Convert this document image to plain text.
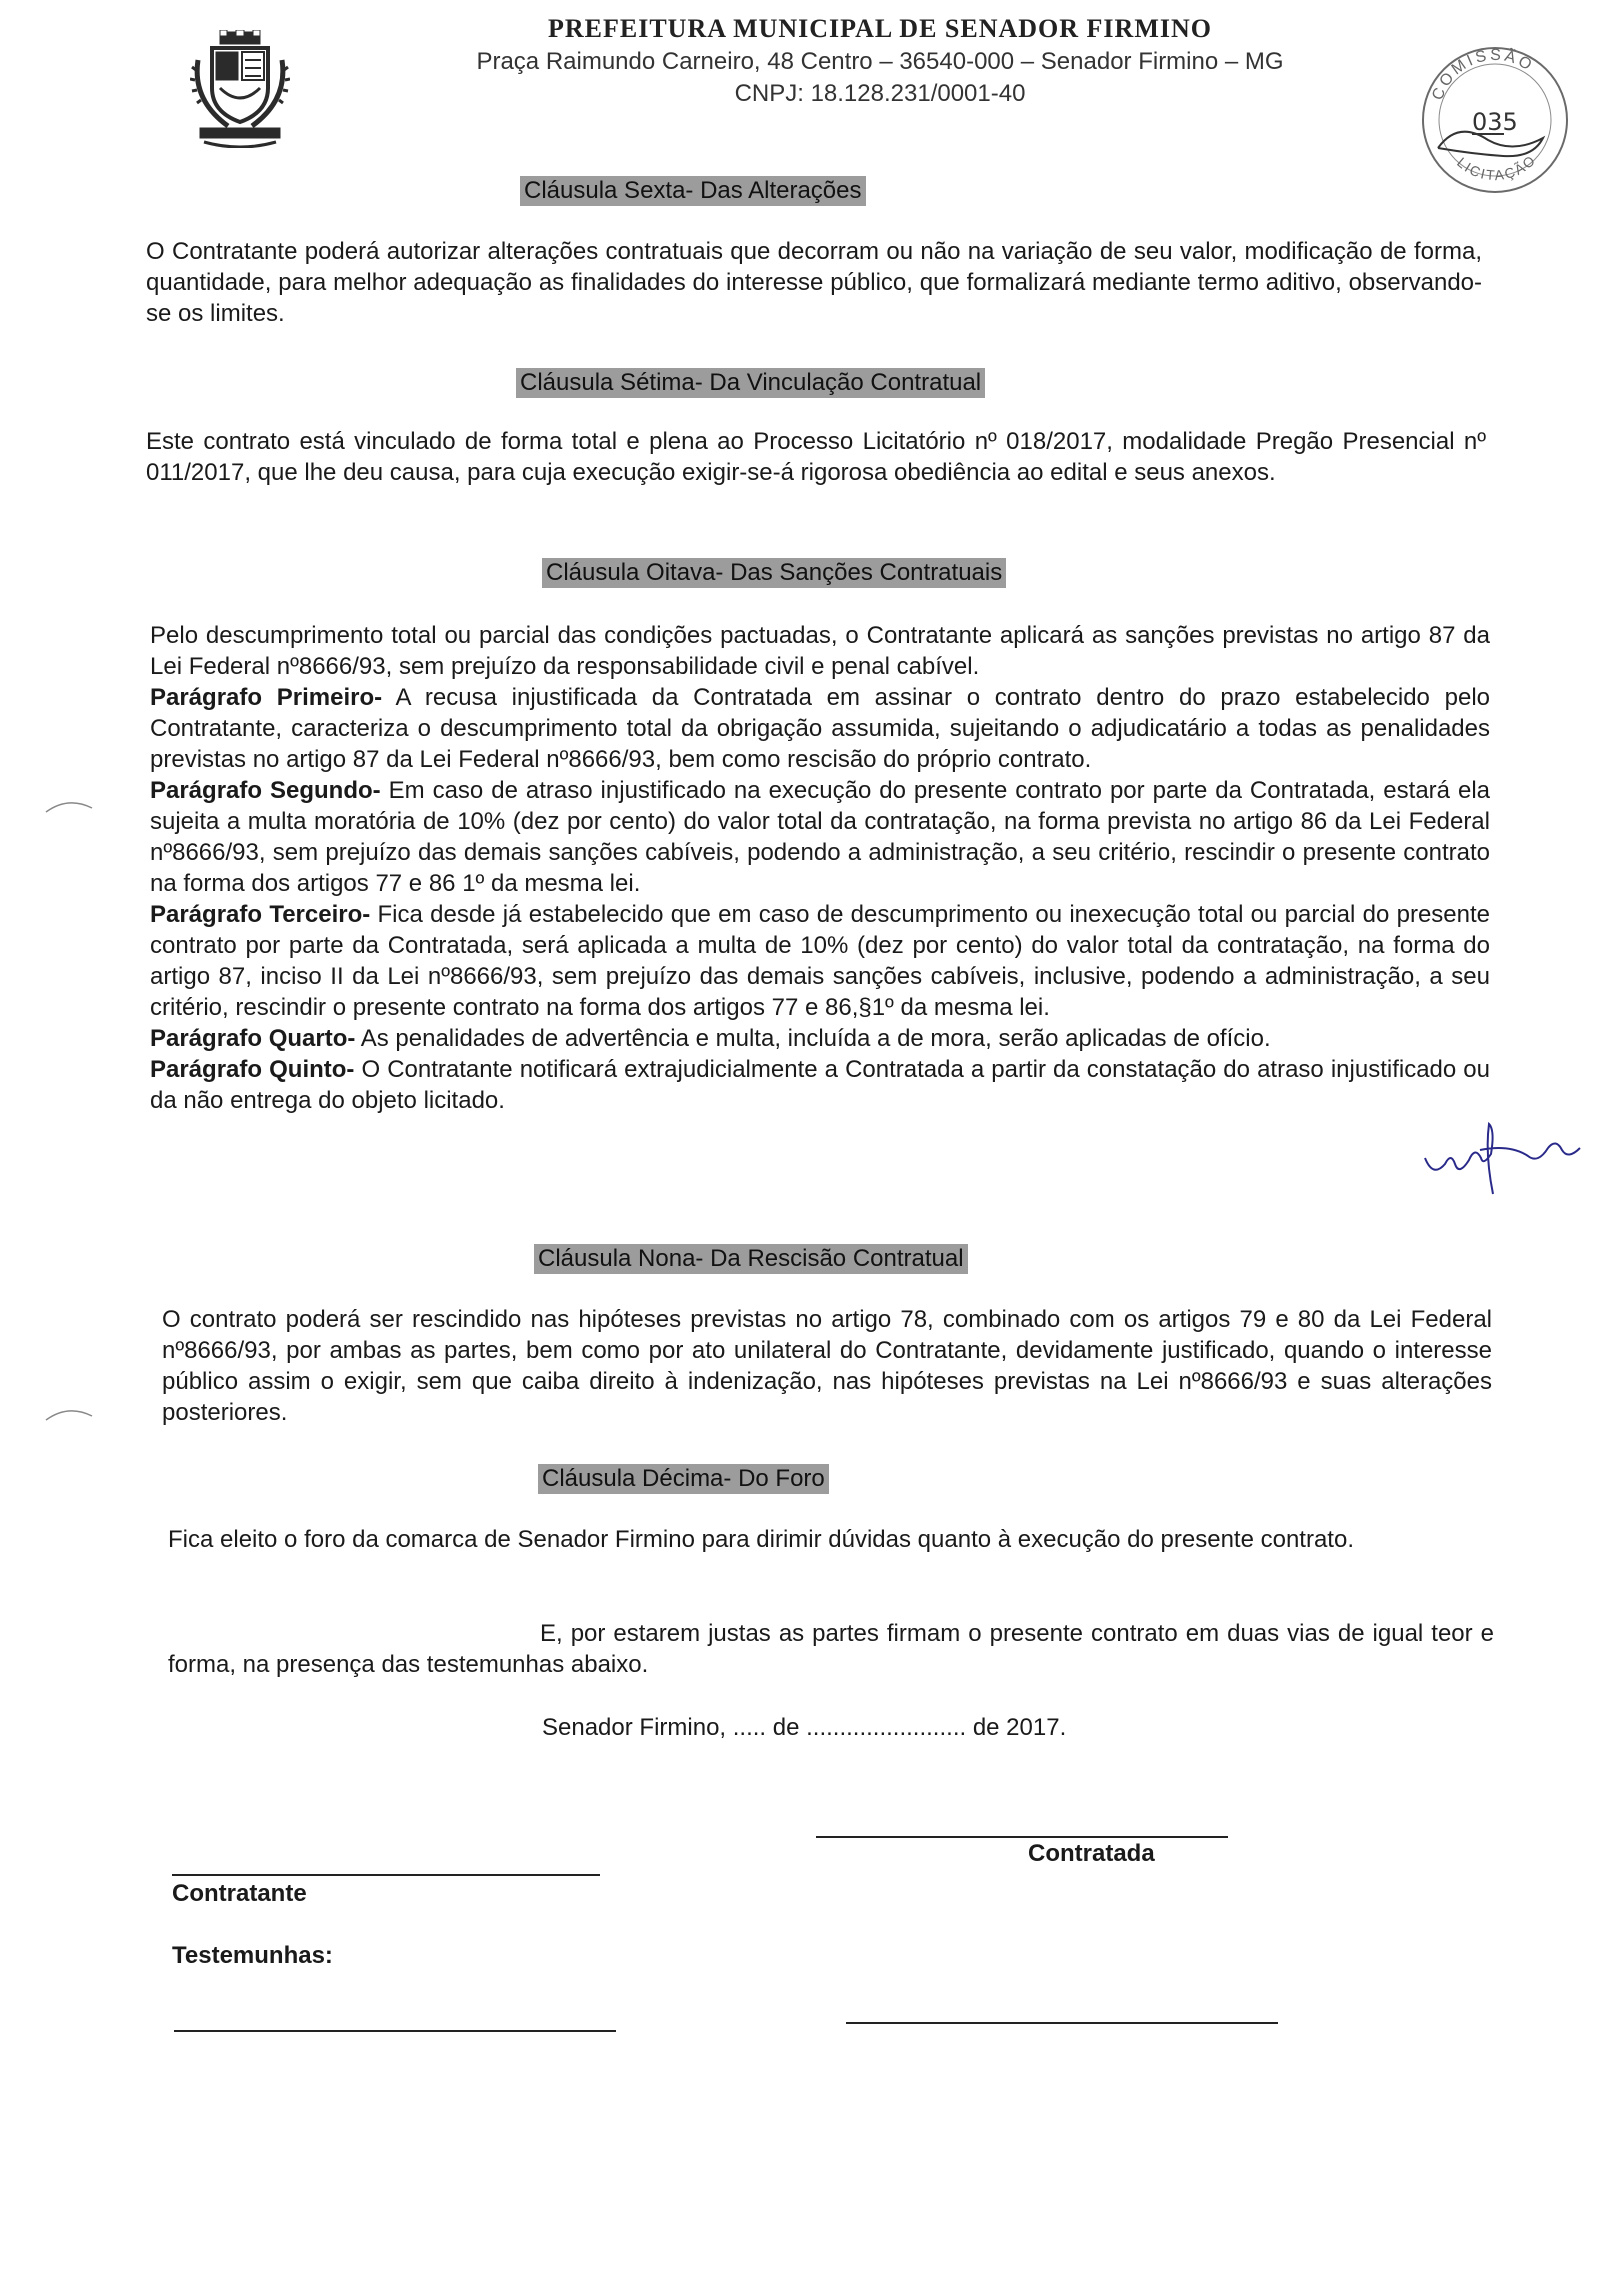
PREFEITURA MUNICIPAL DE SENADOR FIRMINO
Praça Raimundo Carneiro, 48 Centro – 36540-000 – Senador Firmino – MG
CNPJ: 18.128.231/0001-40	COMISSÃO
LICITAÇÃO
035
Cláusula Sexta- Das Alterações

O Contratante poderá autorizar alterações contratuais que decorram ou não na variação de seu valor, modificação de forma, quantidade, para melhor adequação as finalidades do interesse público, que formalizará mediante termo aditivo, observando-se os limites.

Cláusula Sétima- Da Vinculação Contratual

Este contrato está vinculado de forma total e plena ao Processo Licitatório nº 018/2017, modalidade Pregão Presencial nº 011/2017, que lhe deu causa, para cuja execução exigir-se-á rigorosa obediência ao edital e seus anexos.

Cláusula Oitava- Das Sanções Contratuais

Pelo descumprimento total ou parcial das condições pactuadas, o Contratante aplicará as sanções previstas no artigo 87 da Lei Federal nº8666/93, sem prejuízo da responsabilidade civil e penal cabível.

Parágrafo Primeiro- A recusa injustificada da Contratada em assinar o contrato dentro do prazo estabelecido pelo Contratante, caracteriza o descumprimento total da obrigação assumida, sujeitando o adjudicatário a todas as penalidades previstas no artigo 87 da Lei Federal nº8666/93, bem como rescisão do próprio contrato.

Parágrafo Segundo- Em caso de atraso injustificado na execução do presente contrato por parte da Contratada, estará ela sujeita a multa moratória de 10% (dez por cento) do valor total da contratação, na forma prevista no artigo 86 da Lei Federal nº8666/93, sem prejuízo das demais sanções cabíveis, podendo a administração, a seu critério, rescindir o presente contrato na forma dos artigos 77 e 86 1º da mesma lei.

Parágrafo Terceiro- Fica desde já estabelecido que em caso de descumprimento ou inexecução total ou parcial do presente contrato por parte da Contratada, será aplicada a multa de 10% (dez por cento) do valor total da contratação, na forma do artigo 87, inciso II da Lei nº8666/93, sem prejuízo das demais sanções cabíveis, inclusive, podendo a administração, a seu critério, rescindir o presente contrato na forma dos artigos 77 e 86,§1º da mesma lei.

Parágrafo Quarto- As penalidades de advertência e multa, incluída a de mora, serão aplicadas de ofício.

Parágrafo Quinto- O Contratante notificará extrajudicialmente a Contratada a partir da constatação do atraso injustificado ou da não entrega do objeto licitado.

Cláusula Nona- Da Rescisão Contratual

O contrato poderá ser rescindido nas hipóteses previstas no artigo 78, combinado com os artigos 79 e 80 da Lei Federal nº8666/93, por ambas as partes, bem como por ato unilateral do Contratante, devidamente justificado, quando o interesse público assim o exigir, sem que caiba direito à indenização, nas hipóteses previstas na Lei nº8666/93 e suas alterações posteriores.

Cláusula Décima- Do Foro

Fica eleito o foro da comarca de Senador Firmino para dirimir dúvidas quanto à execução do presente contrato.

E, por estarem justas as partes firmam o presente contrato em duas vias de igual teor e forma, na presença das testemunhas abaixo.

Senador Firmino, ..... de ........................ de 2017.
Contratada
Contratante
Testemunhas:
